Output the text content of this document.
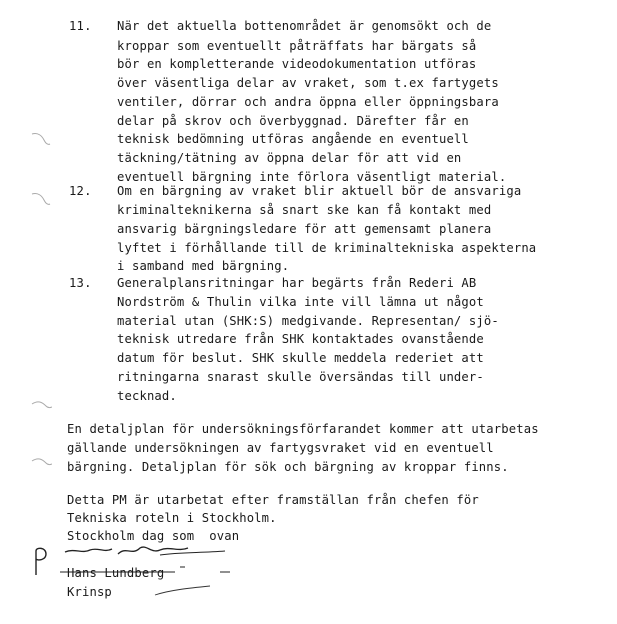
11. När det aktuella bottenområdet är genomsökt och de
kroppar som eventuellt påträffats har bärgats så
bör en kompletterande videodokumentation utföras
över väsentliga delar av vraket, som t.ex fartygets
ventiler, dörrar och andra öppna eller öppningsbara
delar på skrov och överbyggnad. Därefter får en
teknisk bedömning utföras angående en eventuell
täckning/tätning av öppna delar för att vid en
eventuell bärgning inte förlora väsentligt material.
12. Om en bärgning av vraket blir aktuell bör de ansvariga
kriminalteknikerna så snart ske kan få kontakt med
ansvarig bärgningsledare för att gemensamt planera
lyftet i förhållande till de kriminaltekniska aspekterna
i samband med bärgning.
13. Generalplansritningar har begärts från Rederi AB
Nordström & Thulin vilka inte vill lämna ut något
material utan (SHK:S) medgivande. Representan/ sjö-
teknisk utredare från SHK kontaktades ovanstående
datum för beslut. SHK skulle meddela rederiet att
ritningarna snarast skulle översändas till under-
tecknad.
En detaljplan för undersökningsförfarandet kommer att utarbetas
gällande undersökningen av fartygsvraket vid en eventuell
bärgning. Detaljplan för sök och bärgning av kroppar finns.
Detta PM är utarbetat efter framställan från chefen för
Tekniska roteln i Stockholm.
Stockholm dag som  ovan
Hans Lundberg
Krinsp
